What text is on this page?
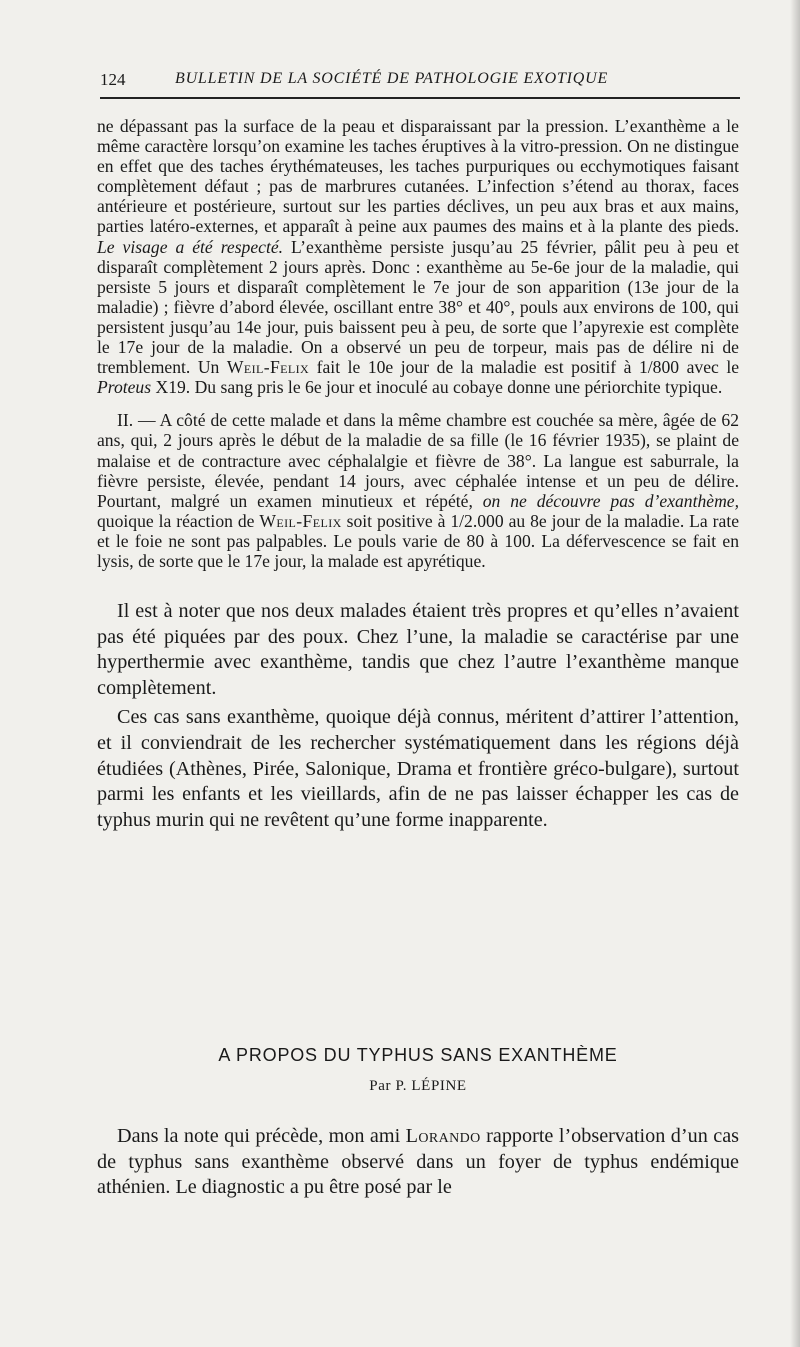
124	BULLETIN DE LA SOCIÉTÉ DE PATHOLOGIE EXOTIQUE

ne dépassant pas la surface de la peau et disparaissant par la pression. L’exanthème a le même caractère lorsqu’on examine les taches éruptives à la vitro-pression. On ne distingue en effet que des taches érythémateuses, les taches purpuriques ou ecchymotiques faisant complètement défaut ; pas de marbrures cutanées. L’infection s’étend au thorax, faces antérieure et postérieure, surtout sur les parties déclives, un peu aux bras et aux mains, parties latéro-externes, et apparaît à peine aux paumes des mains et à la plante des pieds. Le visage a été respecté. L’exanthème persiste jusqu’au 25 février, pâlit peu à peu et disparaît complètement 2 jours après. Donc : exanthème au 5e-6e jour de la maladie, qui persiste 5 jours et disparaît complètement le 7e jour de son apparition (13e jour de la maladie) ; fièvre d’abord élevée, oscillant entre 38° et 40°, pouls aux environs de 100, qui persistent jusqu’au 14e jour, puis baissent peu à peu, de sorte que l’apyrexie est complète le 17e jour de la maladie. On a observé un peu de torpeur, mais pas de délire ni de tremblement. Un Weil-Felix fait le 10e jour de la maladie est positif à 1/800 avec le Proteus X19. Du sang pris le 6e jour et inoculé au cobaye donne une périorchite typique.

II. — A côté de cette malade et dans la même chambre est couchée sa mère, âgée de 62 ans, qui, 2 jours après le début de la maladie de sa fille (le 16 février 1935), se plaint de malaise et de contracture avec céphalalgie et fièvre de 38°. La langue est saburrale, la fièvre persiste, élevée, pendant 14 jours, avec céphalée intense et un peu de délire. Pourtant, malgré un examen minutieux et répété, on ne découvre pas d’exanthème, quoique la réaction de Weil-Felix soit positive à 1/2.000 au 8e jour de la maladie. La rate et le foie ne sont pas palpables. Le pouls varie de 80 à 100. La défervescence se fait en lysis, de sorte que le 17e jour, la malade est apyrétique.

Il est à noter que nos deux malades étaient très propres et qu’elles n’avaient pas été piquées par des poux. Chez l’une, la maladie se caractérise par une hyperthermie avec exanthème, tandis que chez l’autre l’exanthème manque complètement.

Ces cas sans exanthème, quoique déjà connus, méritent d’attirer l’attention, et il conviendrait de les rechercher systématiquement dans les régions déjà étudiées (Athènes, Pirée, Salonique, Drama et frontière gréco-bulgare), surtout parmi les enfants et les vieillards, afin de ne pas laisser échapper les cas de typhus murin qui ne revêtent qu’une forme inapparente.

A PROPOS DU TYPHUS SANS EXANTHÈME
Par P. LÉPINE

Dans la note qui précède, mon ami Lorando rapporte l’observation d’un cas de typhus sans exanthème observé dans un foyer de typhus endémique athénien. Le diagnostic a pu être posé par le
